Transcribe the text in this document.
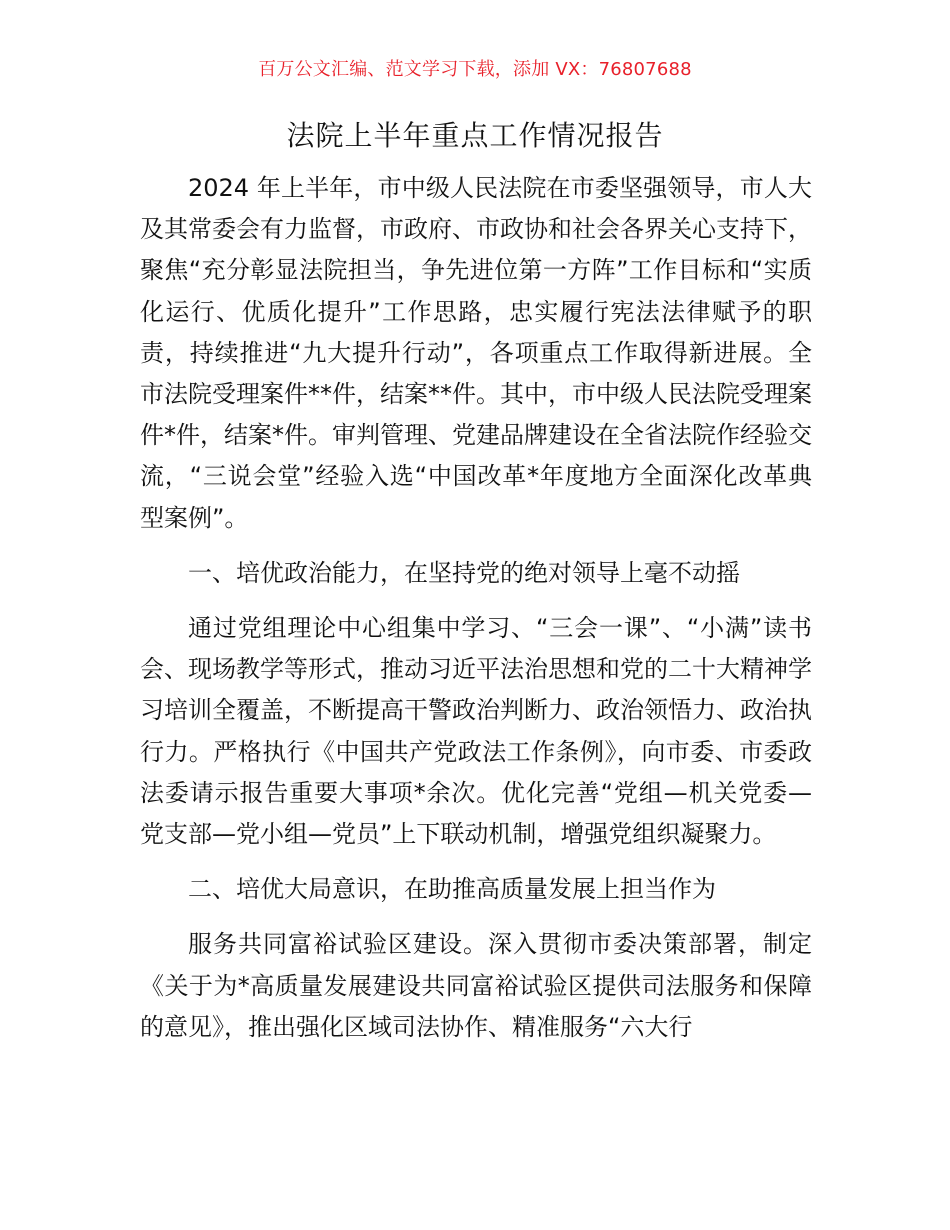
百万公文汇编、范文学习下载，添加 VX：76807688
法院上半年重点工作情况报告

2024 年上半年，市中级人民法院在市委坚强领导，市人大及其常委会有力监督，市政府、市政协和社会各界关心支持下，聚焦“充分彰显法院担当，争先进位第一方阵”工作目标和“实质化运行、优质化提升”工作思路，忠实履行宪法法律赋予的职责，持续推进“九大提升行动”，各项重点工作取得新进展。全市法院受理案件**件，结案**件。其中，市中级人民法院受理案件*件，结案*件。审判管理、党建品牌建设在全省法院作经验交流，“三说会堂”经验入选“中国改革*年度地方全面深化改革典型案例”。

一、培优政治能力，在坚持党的绝对领导上毫不动摇

通过党组理论中心组集中学习、“三会一课”、“小满”读书会、现场教学等形式，推动习近平法治思想和党的二十大精神学习培训全覆盖，不断提高干警政治判断力、政治领悟力、政治执行力。严格执行《中国共产党政法工作条例》，向市委、市委政法委请示报告重要大事项*余次。优化完善“党组—机关党委—党支部—党小组—党员”上下联动机制，增强党组织凝聚力。

二、培优大局意识，在助推高质量发展上担当作为

服务共同富裕试验区建设。深入贯彻市委决策部署，制定《关于为*高质量发展建设共同富裕试验区提供司法服务和保障的意见》，推出强化区域司法协作、精准服务“六大行
